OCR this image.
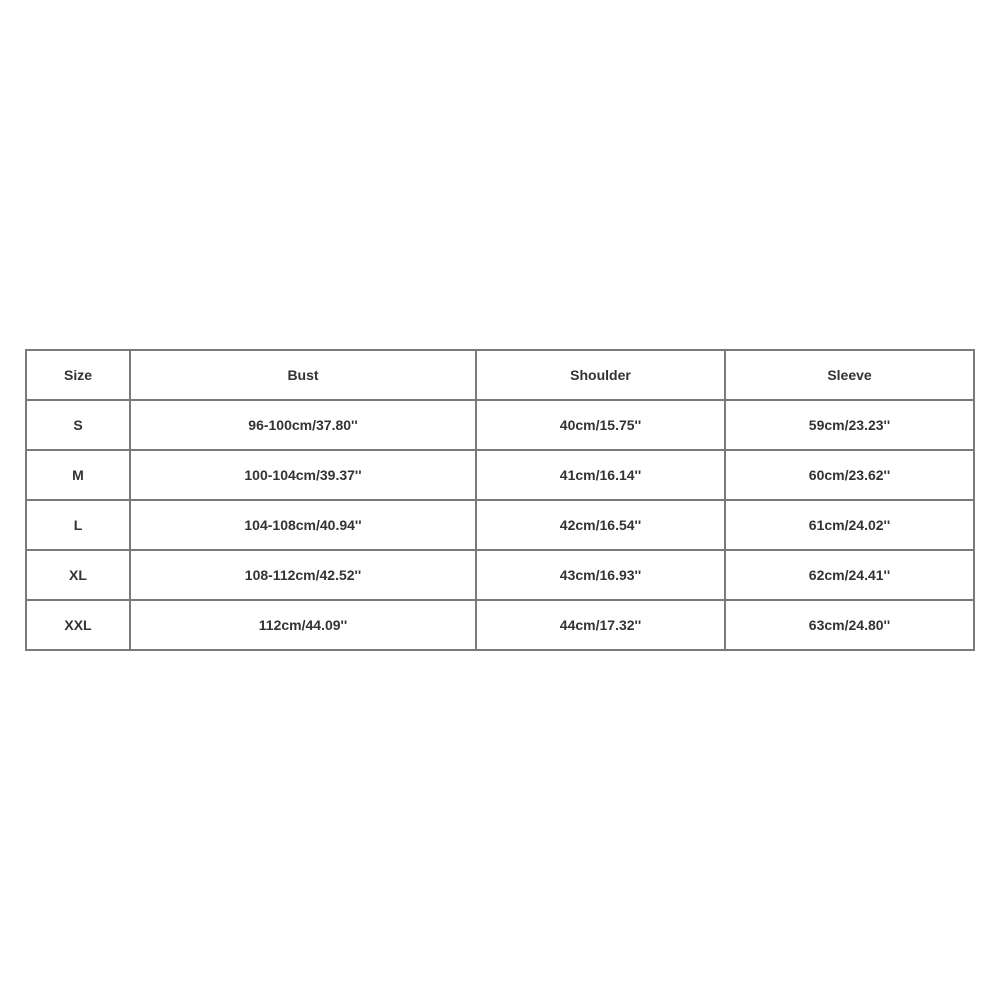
Size	Bust	Shoulder	Sleeve
S	96-100cm/37.80''	40cm/15.75''	59cm/23.23''
M	100-104cm/39.37''	41cm/16.14''	60cm/23.62''
L	104-108cm/40.94''	42cm/16.54''	61cm/24.02''
XL	108-112cm/42.52''	43cm/16.93''	62cm/24.41''
XXL	112cm/44.09''	44cm/17.32''	63cm/24.80''
